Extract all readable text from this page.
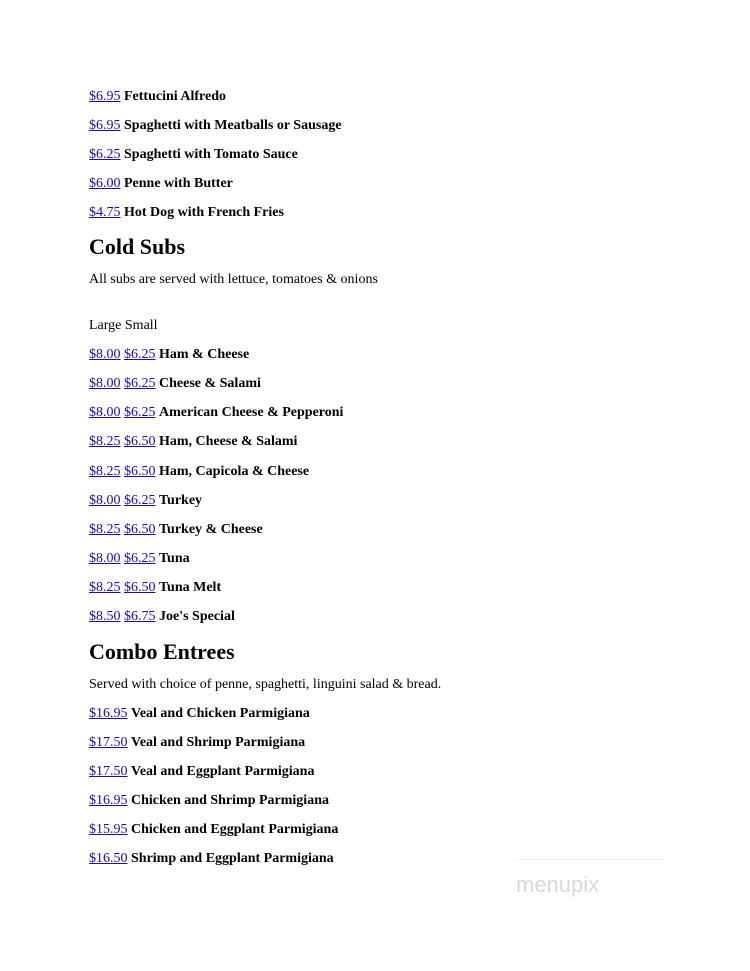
$6.95 Fettucini Alfredo
$6.95 Spaghetti with Meatballs or Sausage
$6.25 Spaghetti with Tomato Sauce
$6.00 Penne with Butter
$4.75 Hot Dog with French Fries
Cold Subs
All subs are served with lettuce, tomatoes & onions
Large Small
$8.00 $6.25 Ham & Cheese
$8.00 $6.25 Cheese & Salami
$8.00 $6.25 American Cheese & Pepperoni
$8.25 $6.50 Ham, Cheese & Salami
$8.25 $6.50 Ham, Capicola & Cheese
$8.00 $6.25 Turkey
$8.25 $6.50 Turkey & Cheese
$8.00 $6.25 Tuna
$8.25 $6.50 Tuna Melt
$8.50 $6.75 Joe's Special
Combo Entrees
Served with choice of penne, spaghetti, linguini salad & bread.
$16.95 Veal and Chicken Parmigiana
$17.50 Veal and Shrimp Parmigiana
$17.50 Veal and Eggplant Parmigiana
$16.95 Chicken and Shrimp Parmigiana
$15.95 Chicken and Eggplant Parmigiana
$16.50 Shrimp and Eggplant Parmigiana
menupix
